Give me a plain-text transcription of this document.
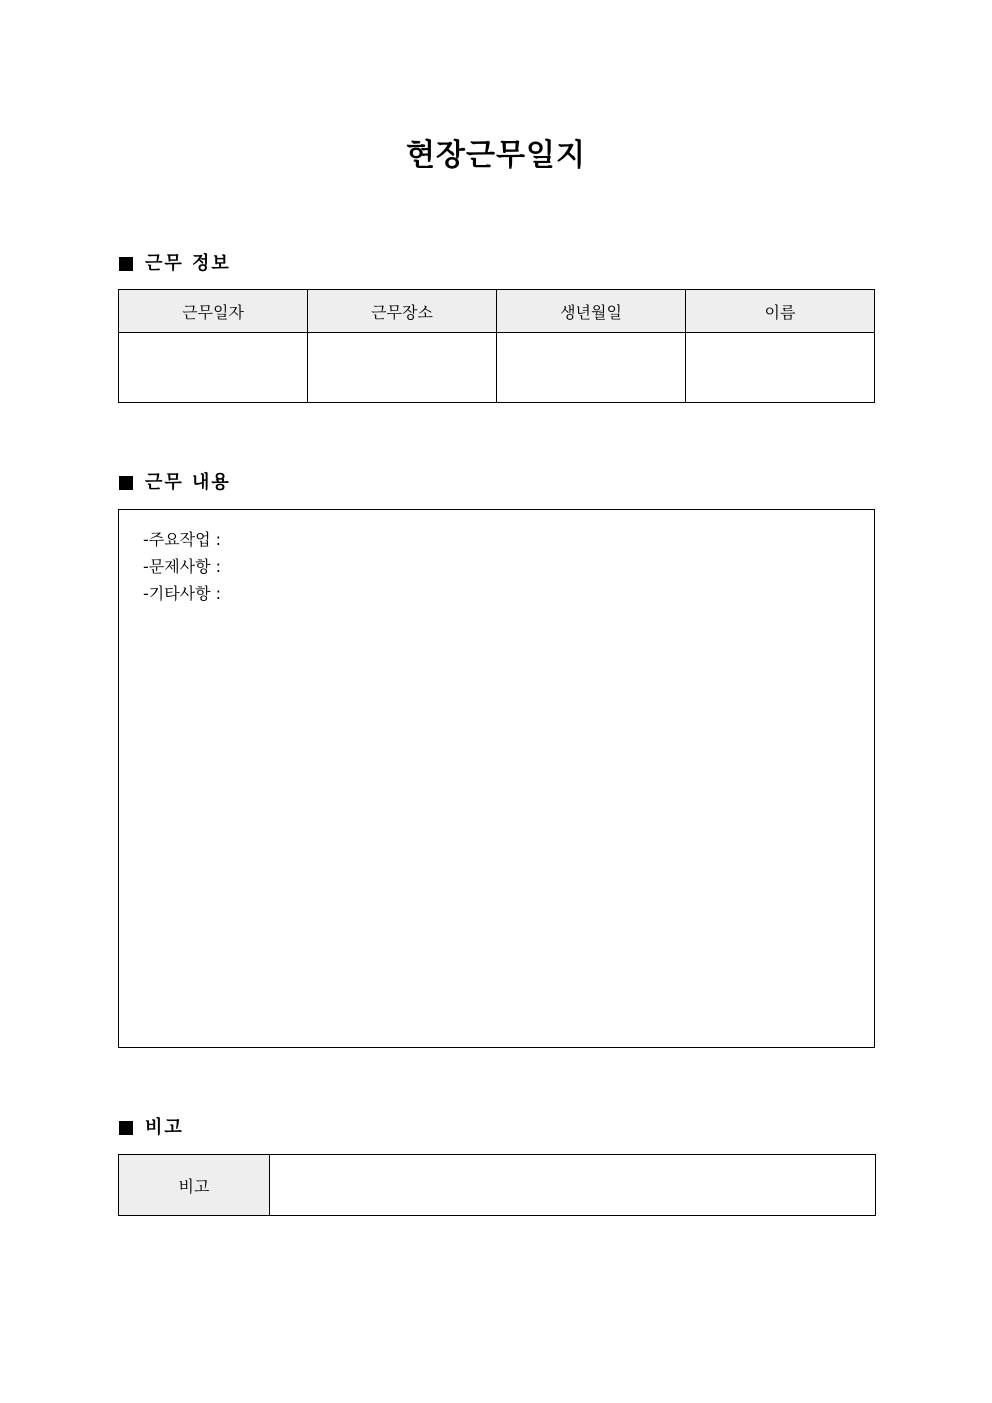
현장근무일지
근무 정보
근무일자	근무장소	생년월일	이름

근무 내용
-주요작업 :
-문제사항 :
-기타사항 :
비고
비고	
